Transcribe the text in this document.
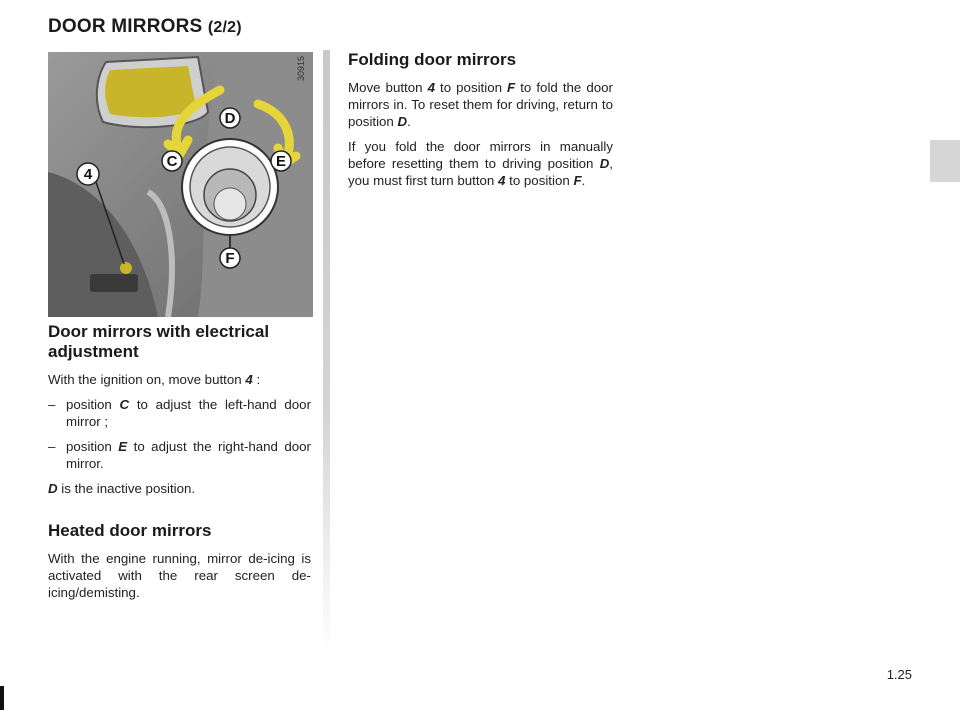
DOOR MIRRORS (2/2)
D
C	E
F
4
30915
Door mirrors with electrical adjustment

With the ignition on, move button 4 :

– position C to adjust the left-hand door mirror ;
– position E to adjust the right-hand door mirror.

D is the inactive position.

Heated door mirrors

With the engine running, mirror de-icing is activated with the rear screen de-icing/demisting.

Folding door mirrors

Move button 4 to position F to fold the door mirrors in. To reset them for driving, return to position D.

If you fold the door mirrors in manually before resetting them to driving position D, you must first turn button 4 to position F.

1.25
